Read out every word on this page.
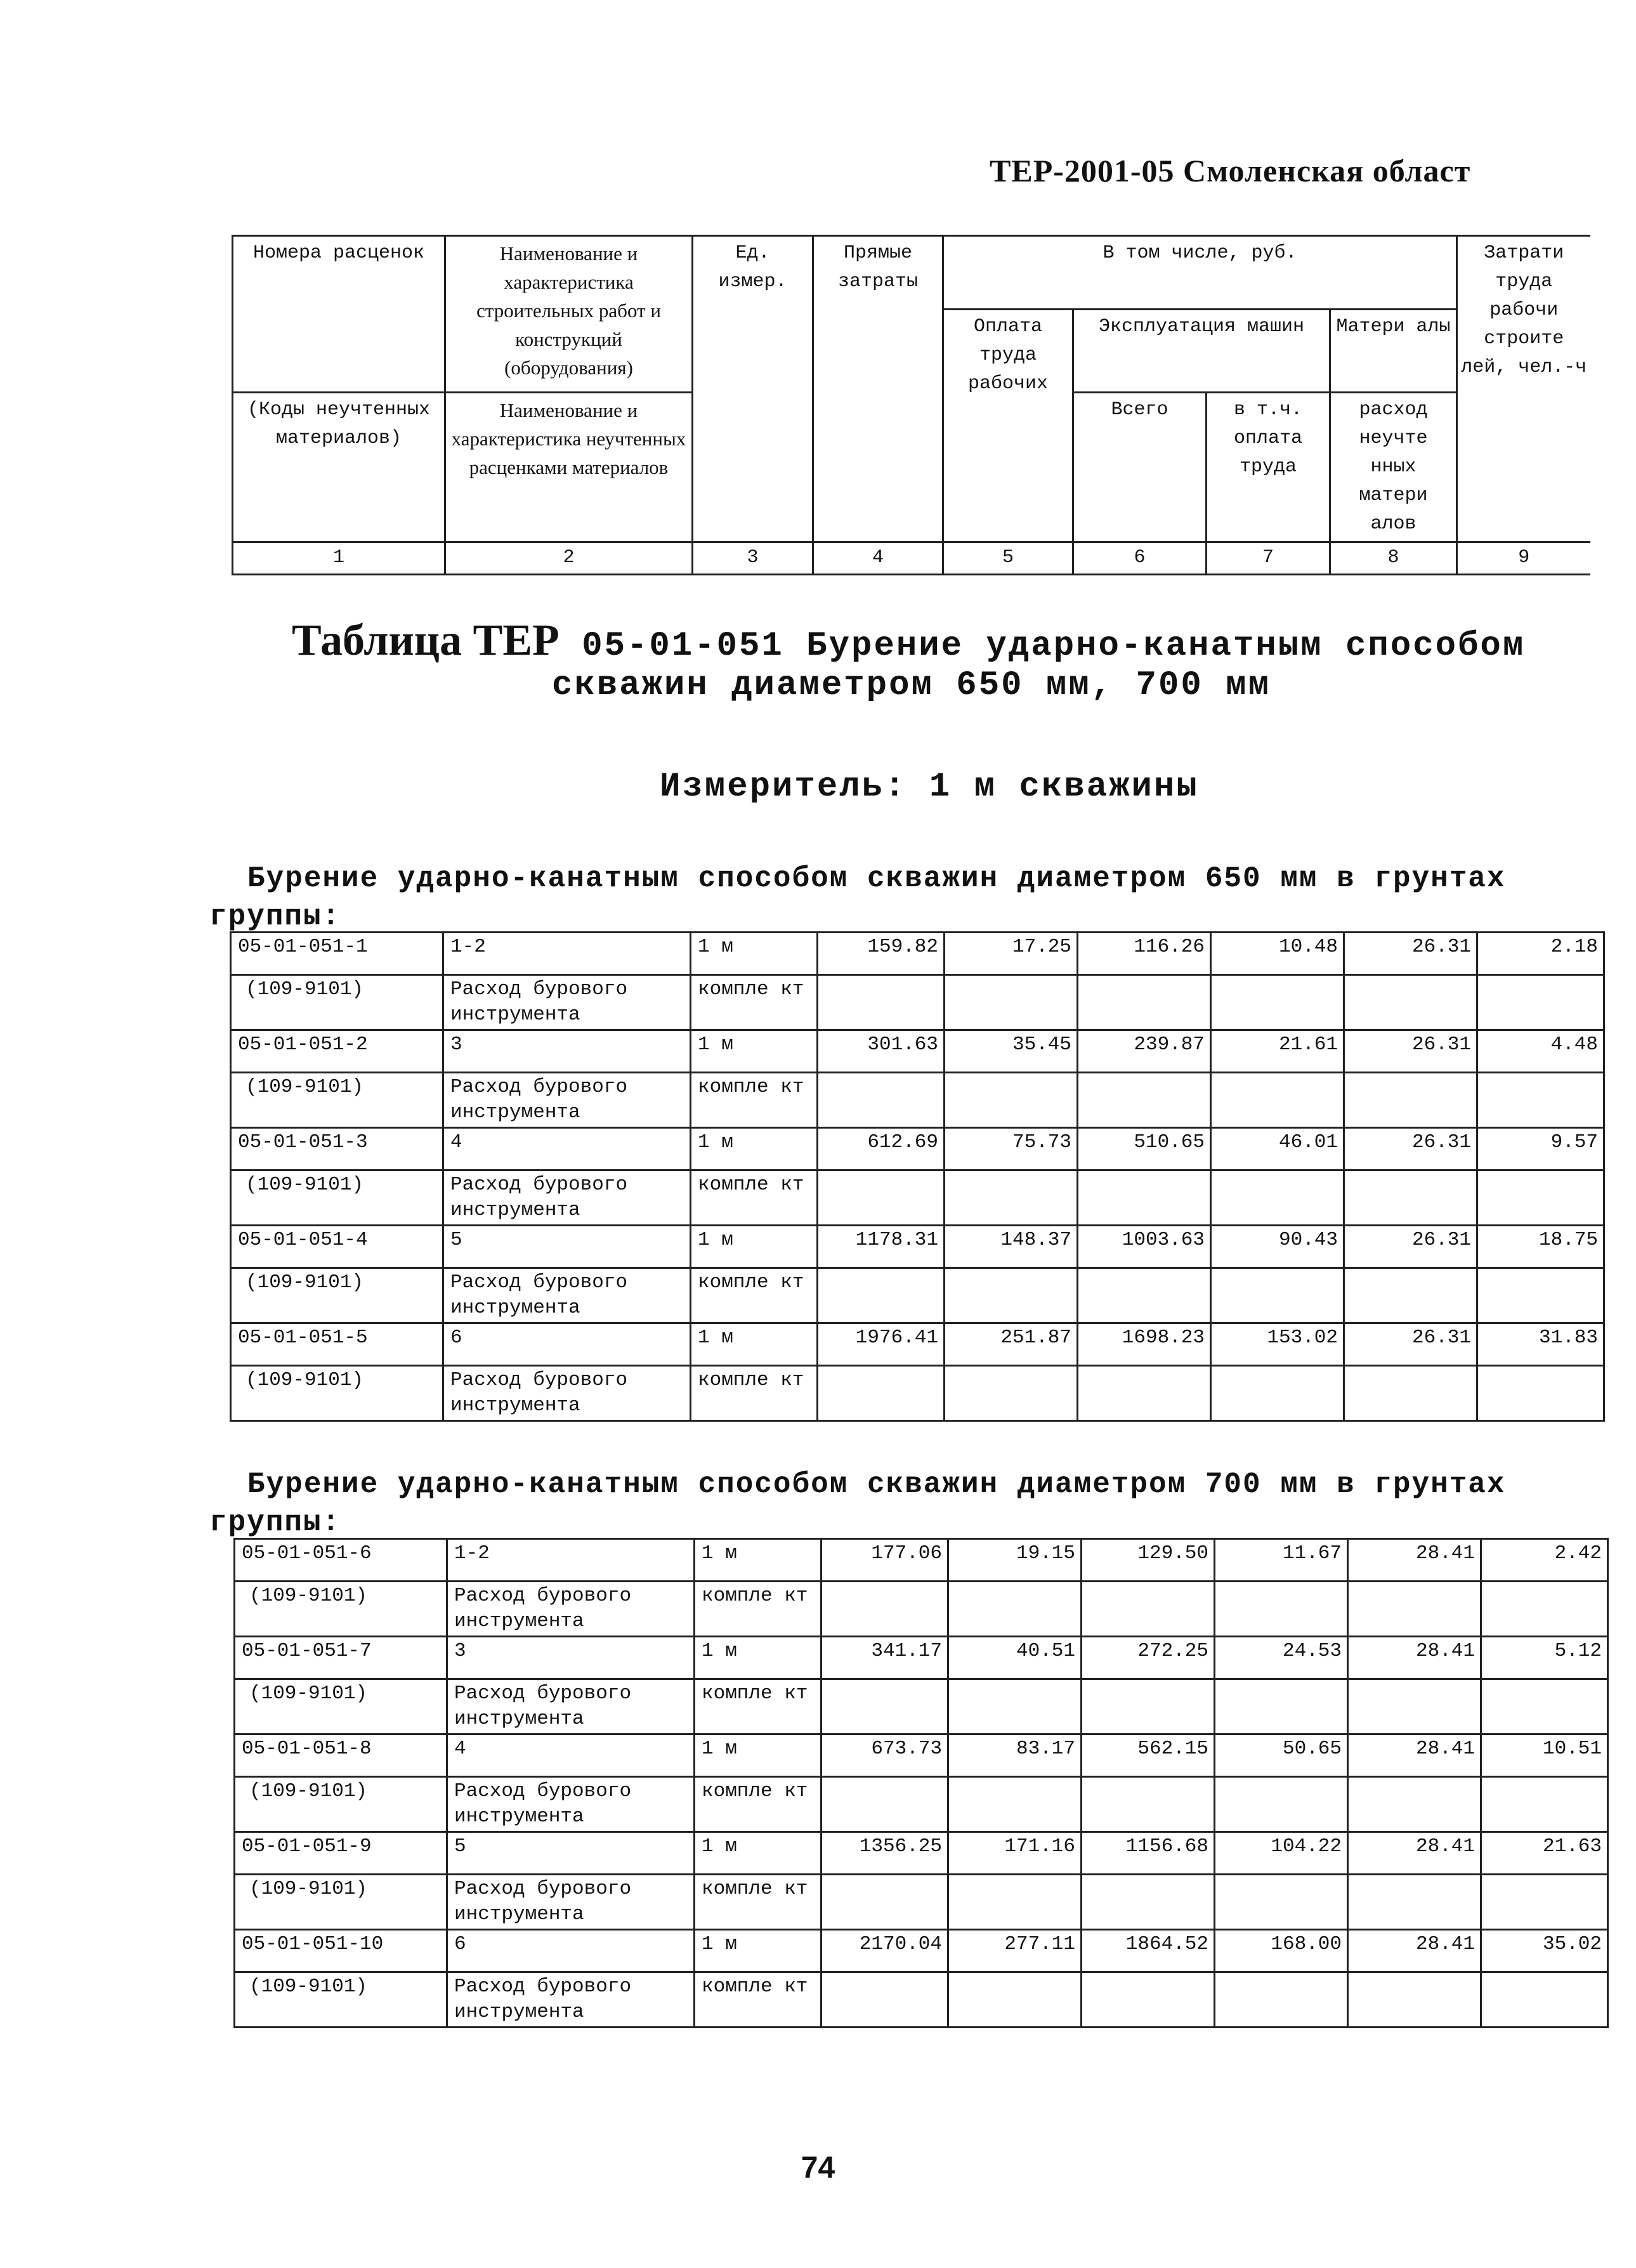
ТЕР-2001-05 Смоленская област
Номера расценок	Наименование и характеристика строительных работ и конструкций (оборудования)	Ед. измер.	Прямые затраты	В том числе, руб.				Затрати труда рабочи строите лей, чел.-ч
				Оплата труда рабочих	Эксплуатация машин		Матери алы	
(Коды неучтенных материалов)	Наименование и характеристика неучтенных расценками материалов				Всего	в т.ч. оплата труда	расход неучте нных матери алов	
1	2	3	4	5	6	7	8	9
Таблица ТЕР 05-01-051 Бурение ударно-канатным способом
скважин диаметром 650 мм, 700 мм
Измеритель: 1 м скважины
Бурение ударно-канатным способом скважин диаметром 650 мм в грунтах
группы:
05-01-051-1	1-2	1 м	159.82	17.25	116.26	10.48	26.31	2.18
(109-9101)	Расход бурового инструмента	компле кт						
05-01-051-2	3	1 м	301.63	35.45	239.87	21.61	26.31	4.48
(109-9101)	Расход бурового инструмента	компле кт						
05-01-051-3	4	1 м	612.69	75.73	510.65	46.01	26.31	9.57
(109-9101)	Расход бурового инструмента	компле кт						
05-01-051-4	5	1 м	1178.31	148.37	1003.63	90.43	26.31	18.75
(109-9101)	Расход бурового инструмента	компле кт						
05-01-051-5	6	1 м	1976.41	251.87	1698.23	153.02	26.31	31.83
(109-9101)	Расход бурового инструмента	компле кт						
Бурение ударно-канатным способом скважин диаметром 700 мм в грунтах
группы:
05-01-051-6	1-2	1 м	177.06	19.15	129.50	11.67	28.41	2.42
(109-9101)	Расход бурового инструмента	компле кт						
05-01-051-7	3	1 м	341.17	40.51	272.25	24.53	28.41	5.12
(109-9101)	Расход бурового инструмента	компле кт						
05-01-051-8	4	1 м	673.73	83.17	562.15	50.65	28.41	10.51
(109-9101)	Расход бурового инструмента	компле кт						
05-01-051-9	5	1 м	1356.25	171.16	1156.68	104.22	28.41	21.63
(109-9101)	Расход бурового инструмента	компле кт						
05-01-051-10	6	1 м	2170.04	277.11	1864.52	168.00	28.41	35.02
(109-9101)	Расход бурового инструмента	компле кт						
74
